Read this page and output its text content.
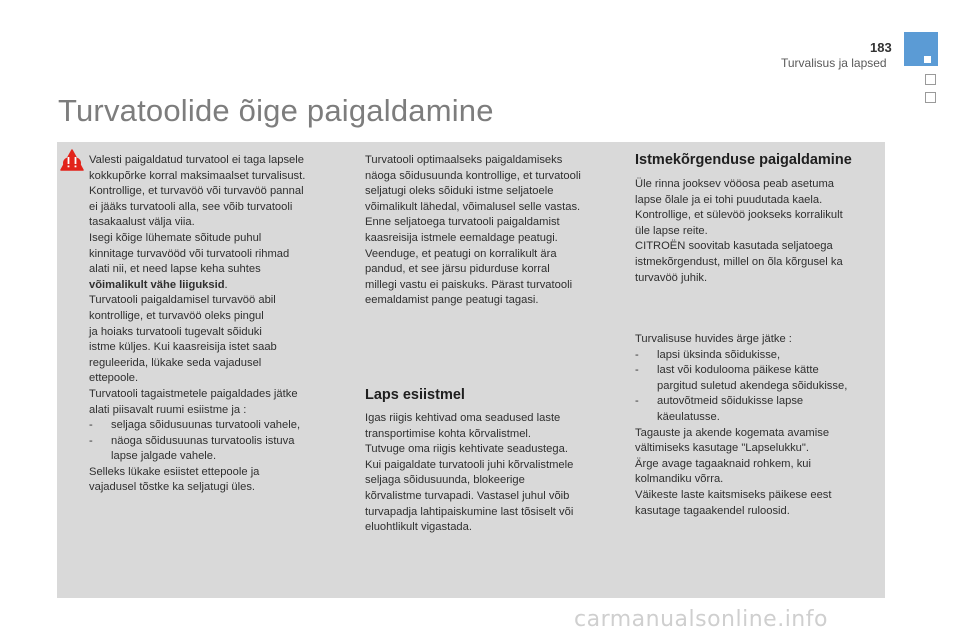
183
Turvalisus ja lapsed
Turvatoolide õige paigaldamine
Valesti paigaldatud turvatool ei taga lapsele
kokkupõrke korral maksimaalset turvalisust.
Kontrollige, et turvavöö või turvavöö pannal
ei jääks turvatooli alla, see võib turvatooli
tasakaalust välja viia.
Isegi kõige lühemate sõitude puhul
kinnitage turvavööd või turvatooli rihmad
alati nii, et need lapse keha suhtes
võimalikult vähe liiguksid.
Turvatooli paigaldamisel turvavöö abil
kontrollige, et turvavöö oleks pingul
ja hoiaks turvatooli tugevalt sõiduki
istme küljes. Kui kaasreisija istet saab
reguleerida, lükake seda vajadusel
ettepoole.
Turvatooli tagaistmetele paigaldades jätke
alati piisavalt ruumi esiistme ja :
- seljaga sõidusuunas turvatooli vahele,
- näoga sõidusuunas turvatoolis istuva
lapse jalgade vahele.
Selleks lükake esiistet ettepoole ja
vajadusel tõstke ka seljatugi üles.
Turvatooli optimaalseks paigaldamiseks
näoga sõidusuunda kontrollige, et turvatooli
seljatugi oleks sõiduki istme seljatoele
võimalikult lähedal, võimalusel selle vastas.
Enne seljatoega turvatooli paigaldamist
kaasreisija istmele eemaldage peatugi.
Veenduge, et peatugi on korralikult ära
pandud, et see järsu pidurduse korral
millegi vastu ei paiskuks. Pärast turvatooli
eemaldamist pange peatugi tagasi.
Laps esiistmel
Igas riigis kehtivad oma seadused laste
transportimise kohta kõrvalistmel.
Tutvuge oma riigis kehtivate seadustega.
Kui paigaldate turvatooli juhi kõrvalistmele
seljaga sõidusuunda, blokeerige
kõrvalistme turvapadi. Vastasel juhul võib
turvapadja lahtipaiskumine last tõsiselt või
eluohtlikult vigastada.
Istmekõrgenduse paigaldamine
Üle rinna jooksev vööosa peab asetuma
lapse õlale ja ei tohi puudutada kaela.
Kontrollige, et sülevöö jookseks korralikult
üle lapse reite.
CITROËN soovitab kasutada seljatoega
istmekõrgendust, millel on õla kõrgusel ka
turvavöö juhik.
Turvalisuse huvides ärge jätke :
- lapsi üksinda sõidukisse,
- last või koduloomа päikese kätte
pargitud suletud akendega sõidukisse,
- autovõtmeid sõidukisse lapse
käeulatusse.
Tagauste ja akende kogemata avamise
vältimiseks kasutage "Lapselukku".
Ärge avage tagaaknaid rohkem, kui
kolmandiku võrra.
Väikeste laste kaitsmiseks päikese eest
kasutage tagaakendel ruloosid.
carmanualsonline.info
